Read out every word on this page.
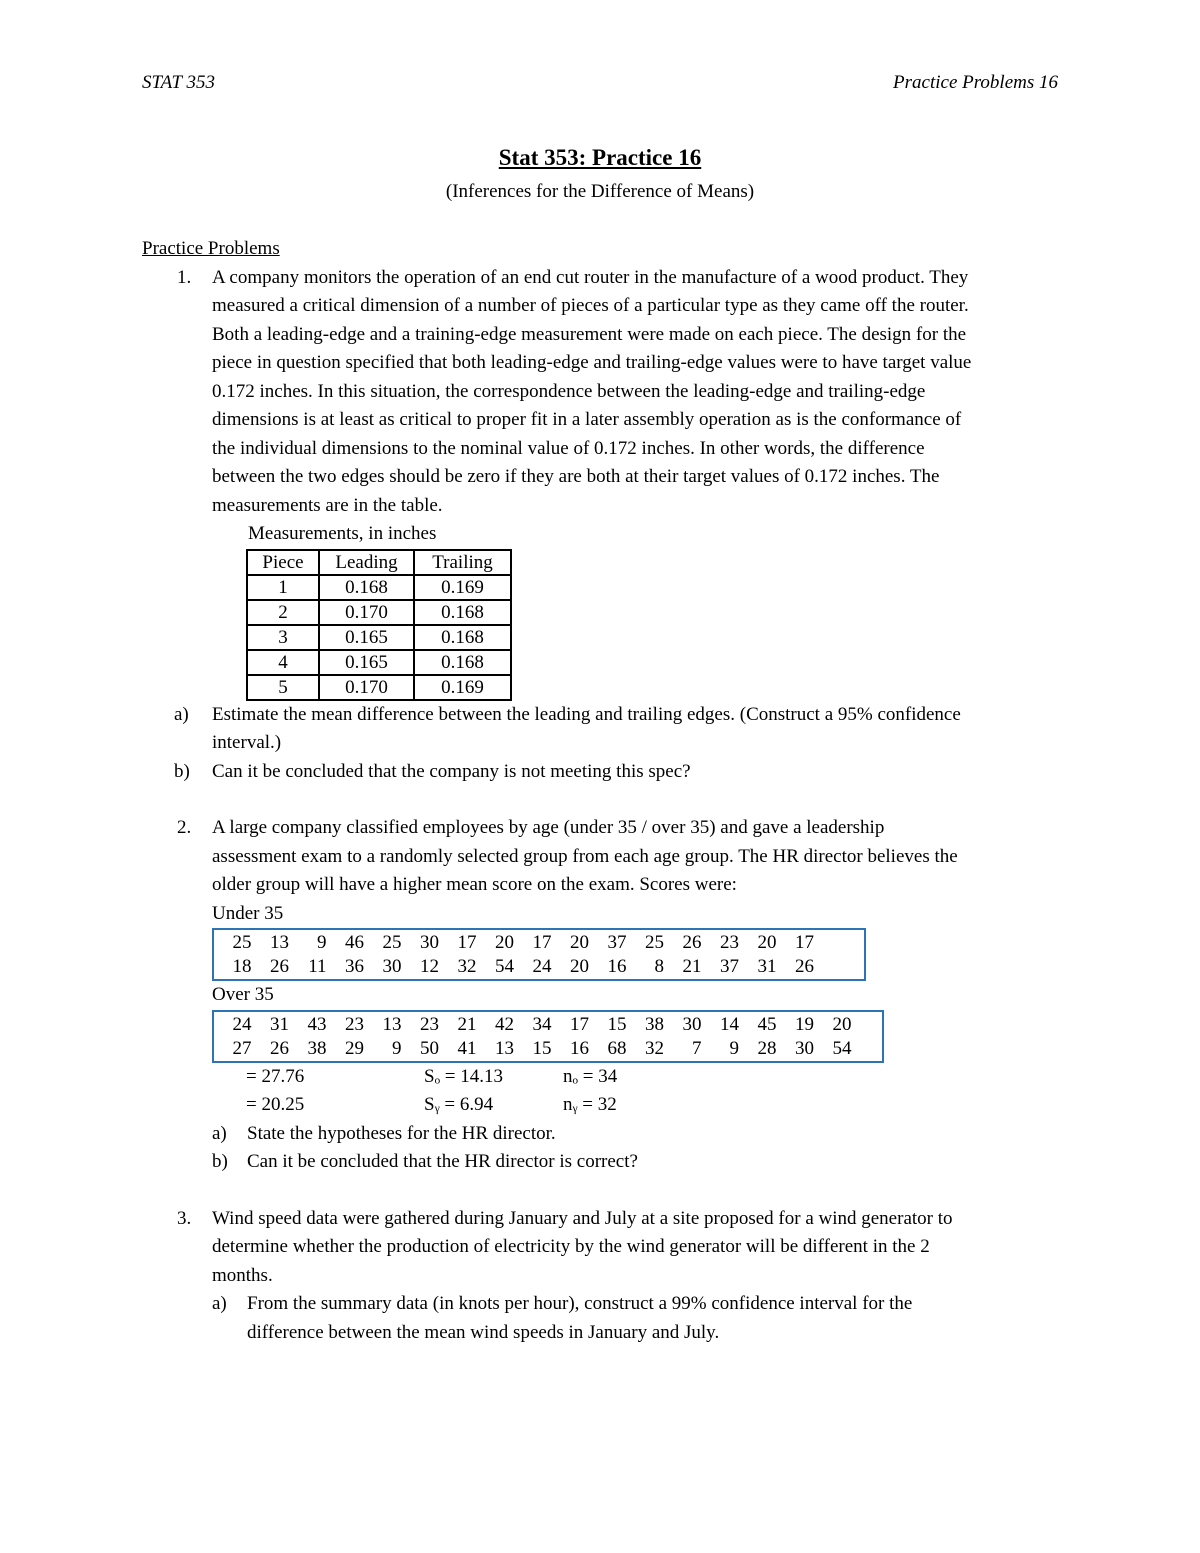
STAT 353	Practice Problems 16
Stat 353: Practice 16
(Inferences for the Difference of Means)
Practice Problems
1. A company monitors the operation of an end cut router in the manufacture of a wood product. They
measured a critical dimension of a number of pieces of a particular type as they came off the router.
Both a leading-edge and a training-edge measurement were made on each piece. The design for the
piece in question specified that both leading-edge and trailing-edge values were to have target value
0.172 inches. In this situation, the correspondence between the leading-edge and trailing-edge
dimensions is at least as critical to proper fit in a later assembly operation as is the conformance of
the individual dimensions to the nominal value of 0.172 inches. In other words, the difference
between the two edges should be zero if they are both at their target values of 0.172 inches. The
measurements are in the table.
Measurements, in inches
Piece	Leading	Trailing
1	0.168	0.169
2	0.170	0.168
3	0.165	0.168
4	0.165	0.168
5	0.170	0.169
a) Estimate the mean difference between the leading and trailing edges. (Construct a 95% confidence
interval.)
b) Can it be concluded that the company is not meeting this spec?
2. A large company classified employees by age (under 35 / over 35) and gave a leadership
assessment exam to a randomly selected group from each age group. The HR director believes the
older group will have a higher mean score on the exam. Scores were:
Under 35
25 13	9 46 25 30 17 20 17 20 37 25 26 23 20 17
18 26	11 36 30 12 32 54 24 20 16	8 21 37 31 26
Over 35
24 31 43 23 13 23 21 42 34 17 15 38 30 14 45 19 20
27 26 38 29	9 50 41 13 15 16 68 32	7	9 28 30 54
= 27.76	Sₒ = 14.13	nₒ = 34
= 20.25	Sᵧ = 6.94	nᵧ = 32
a) State the hypotheses for the HR director.
b) Can it be concluded that the HR director is correct?
3. Wind speed data were gathered during January and July at a site proposed for a wind generator to
determine whether the production of electricity by the wind generator will be different in the 2
months.
a) From the summary data (in knots per hour), construct a 99% confidence interval for the
difference between the mean wind speeds in January and July.
